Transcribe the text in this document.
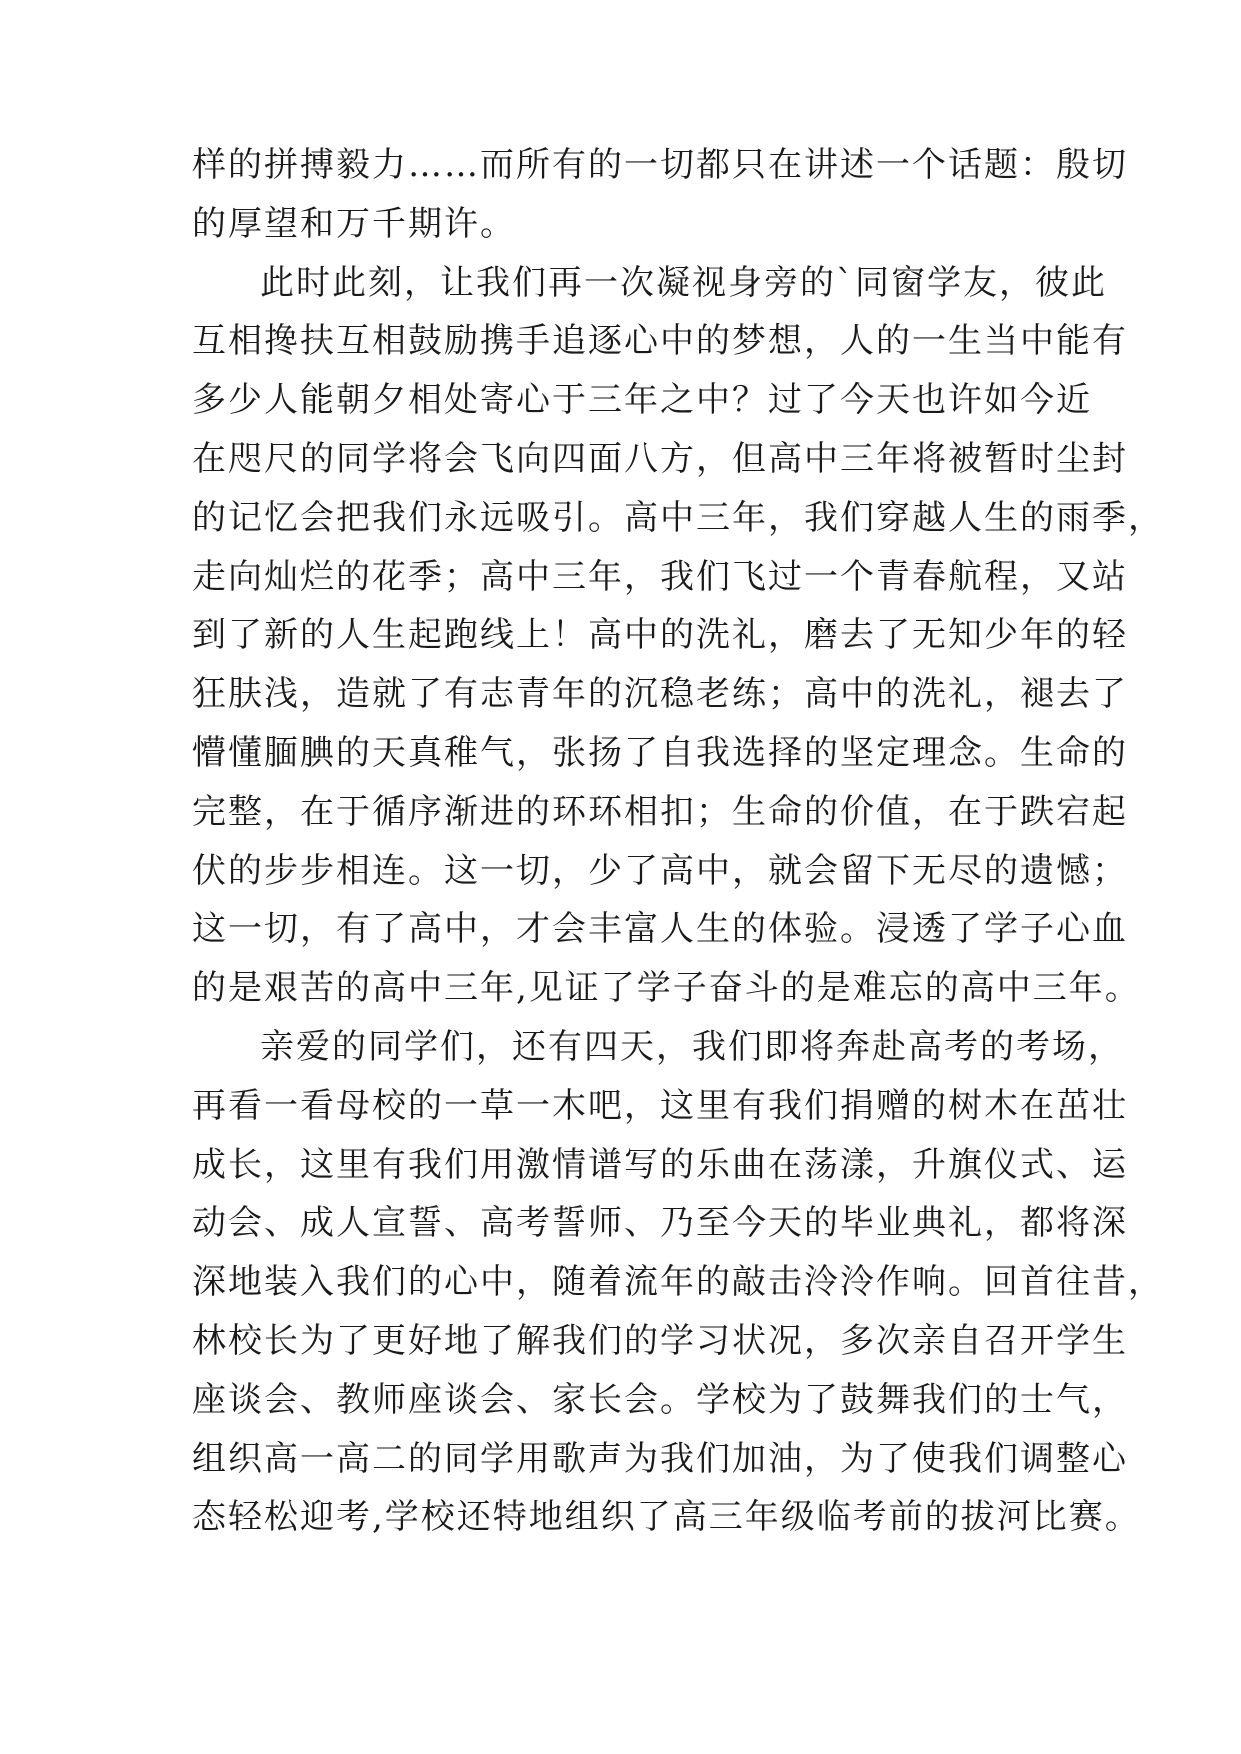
样的拼搏毅力……而所有的一切都只在讲述一个话题：殷切
的厚望和万千期许。
此时此刻，让我们再一次凝视身旁的`同窗学友，彼此
互相搀扶互相鼓励携手追逐心中的梦想，人的一生当中能有
多少人能朝夕相处寄心于三年之中？过了今天也许如今近
在咫尺的同学将会飞向四面八方，但高中三年将被暂时尘封
的记忆会把我们永远吸引。高中三年，我们穿越人生的雨季，
走向灿烂的花季；高中三年，我们飞过一个青春航程，又站
到了新的人生起跑线上！高中的洗礼，磨去了无知少年的轻
狂肤浅，造就了有志青年的沉稳老练；高中的洗礼，褪去了
懵懂腼腆的天真稚气，张扬了自我选择的坚定理念。生命的
完整，在于循序渐进的环环相扣；生命的价值，在于跌宕起
伏的步步相连。这一切，少了高中，就会留下无尽的遗憾；
这一切，有了高中，才会丰富人生的体验。浸透了学子心血
的是艰苦的高中三年,见证了学子奋斗的是难忘的高中三年。
亲爱的同学们，还有四天，我们即将奔赴高考的考场，
再看一看母校的一草一木吧，这里有我们捐赠的树木在茁壮
成长，这里有我们用激情谱写的乐曲在荡漾，升旗仪式、运
动会、成人宣誓、高考誓师、乃至今天的毕业典礼，都将深
深地装入我们的心中，随着流年的敲击泠泠作响。回首往昔，
林校长为了更好地了解我们的学习状况，多次亲自召开学生
座谈会、教师座谈会、家长会。学校为了鼓舞我们的士气，
组织高一高二的同学用歌声为我们加油，为了使我们调整心
态轻松迎考,学校还特地组织了高三年级临考前的拔河比赛。
